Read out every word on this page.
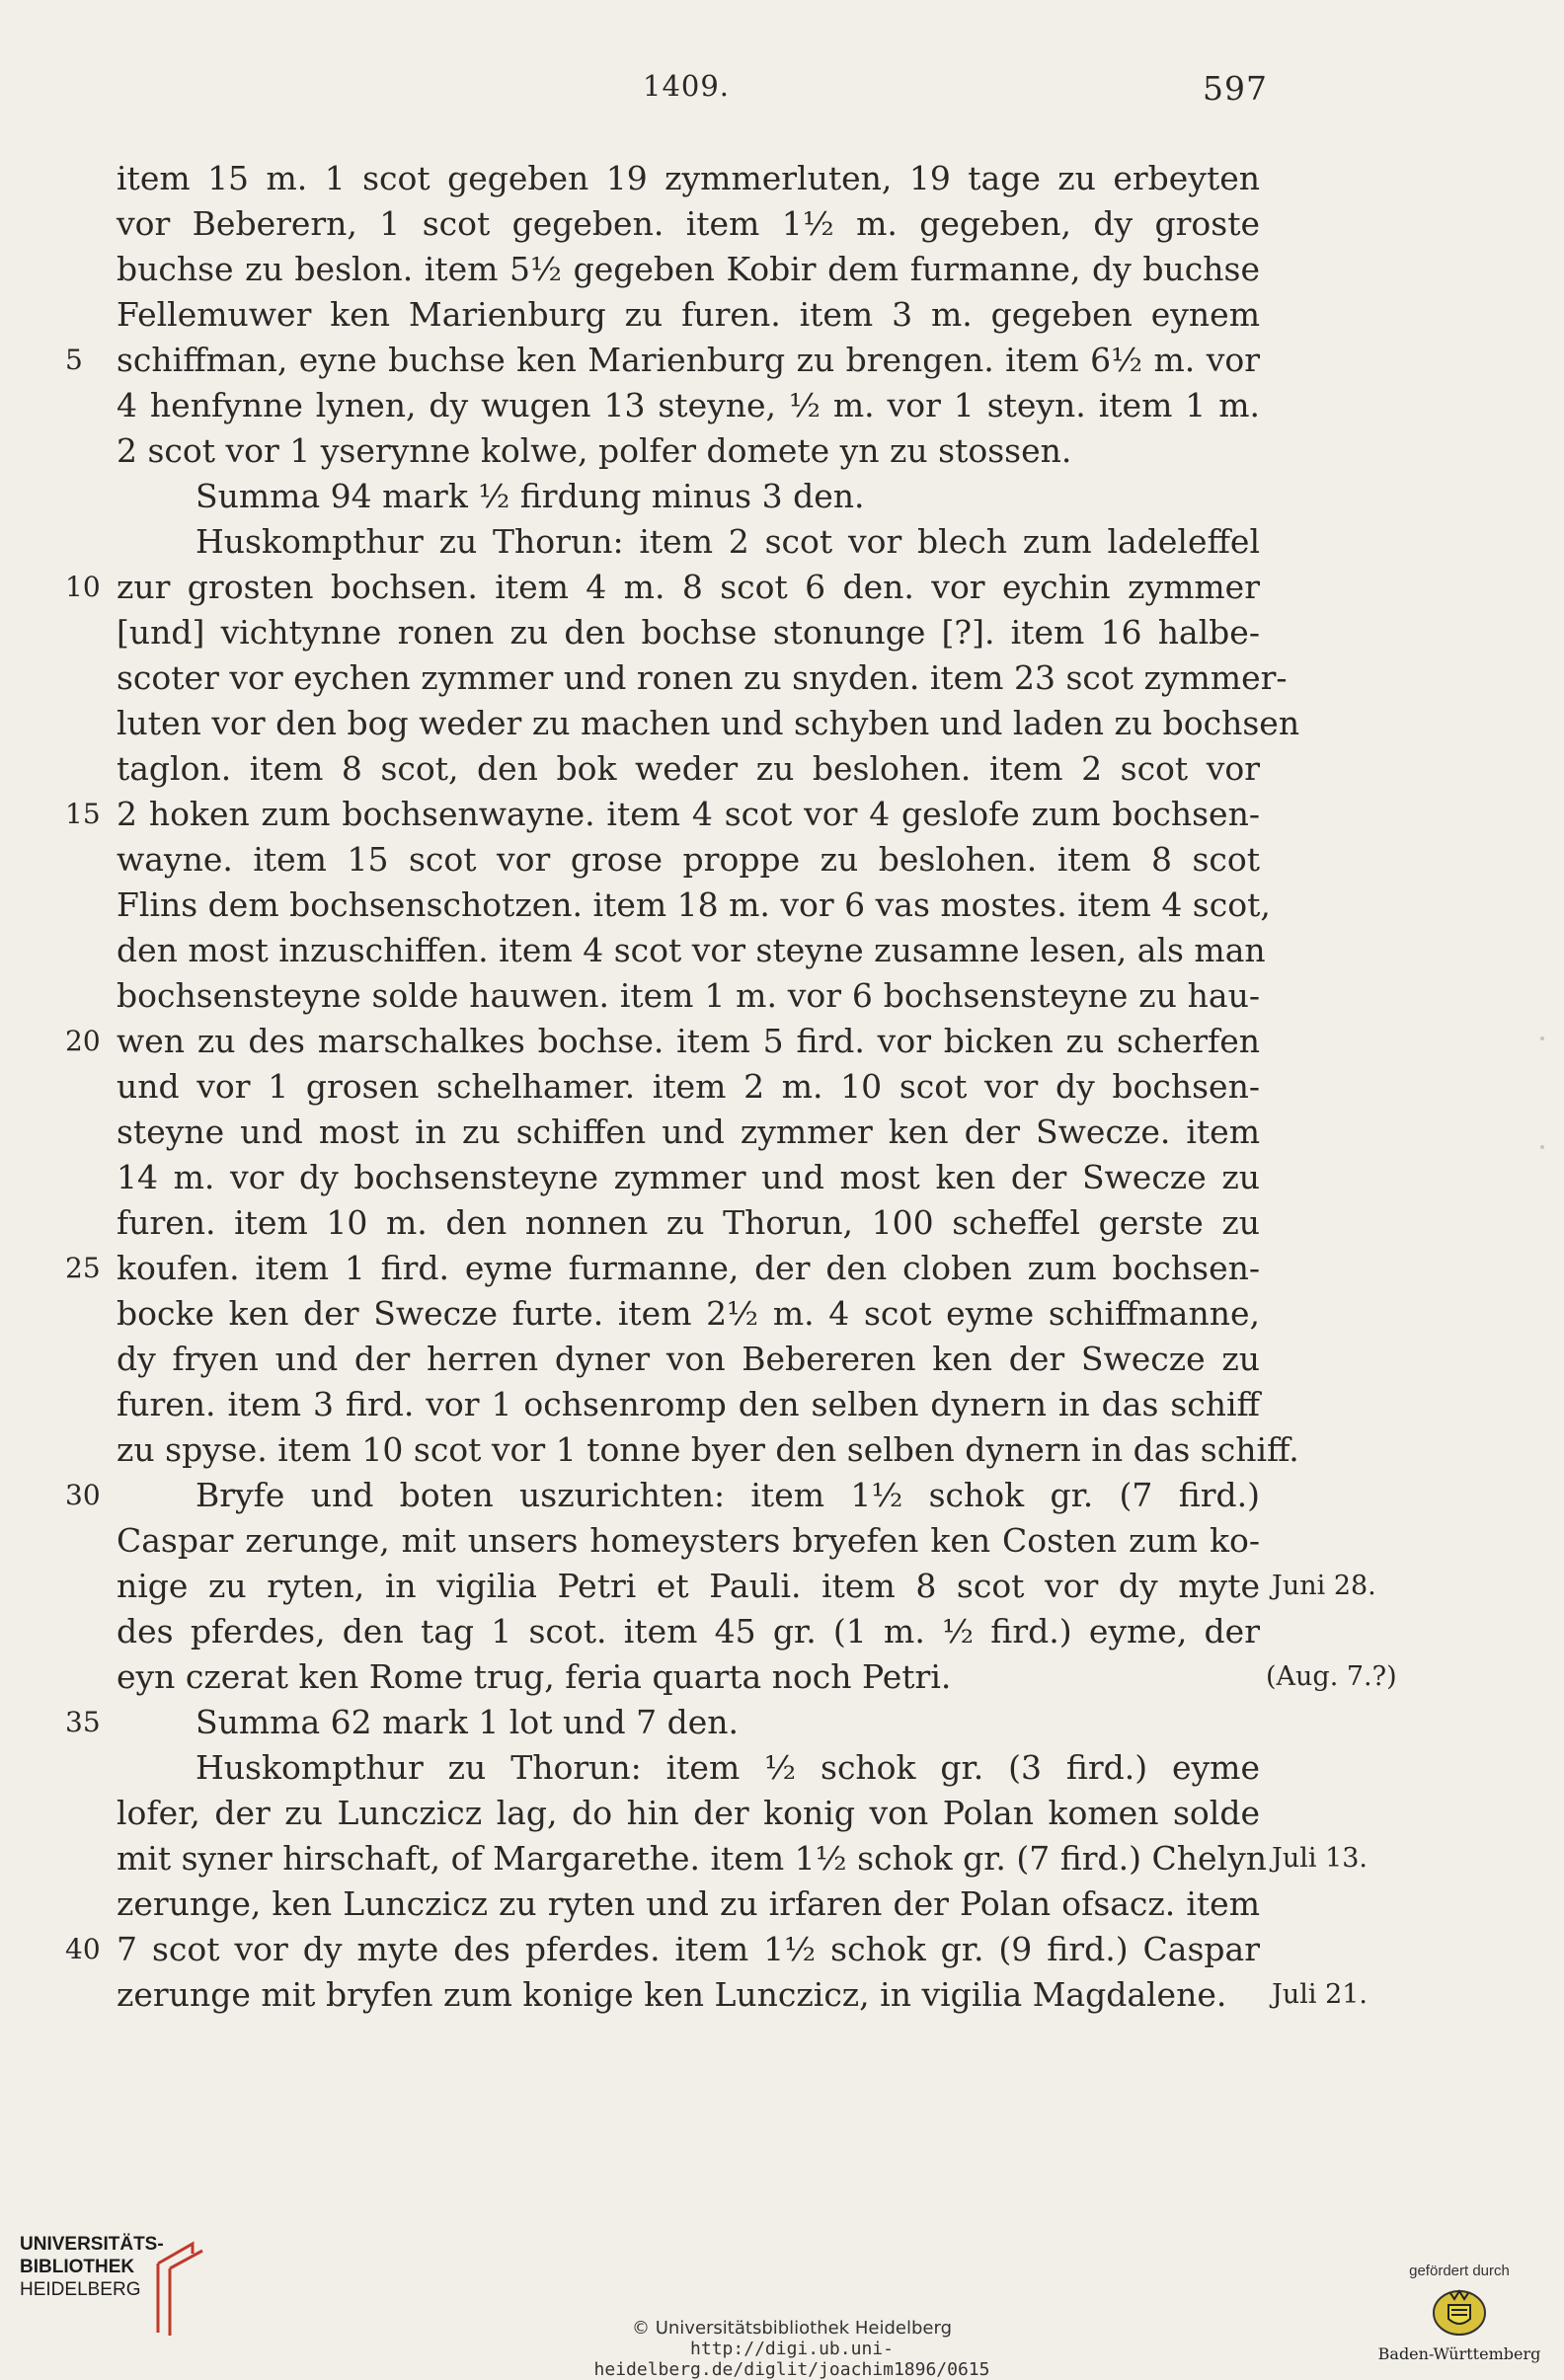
1409.	597
item 15 m. 1 scot gegeben 19 zymmerluten, 19 tage zu erbeyten
vor Beberern, 1 scot gegeben. item 1½ m. gegeben, dy groste
buchse zu beslon. item 5½ gegeben Kobir dem furmanne, dy buchse
Fellemuwer ken Marienburg zu furen. item 3 m. gegeben eynem
schiffman, eyne buchse ken Marienburg zu brengen. item 6½ m. vor
4 henfynne lynen, dy wugen 13 steyne, ½ m. vor 1 steyn. item 1 m.
2 scot vor 1 yserynne kolwe, polfer domete yn zu stossen.
Summa 94 mark ½ firdung minus 3 den.
Huskompthur zu Thorun: item 2 scot vor blech zum ladeleffel
zur grosten bochsen. item 4 m. 8 scot 6 den. vor eychin zymmer
[und] vichtynne ronen zu den bochse stonunge [?]. item 16 halbe-
scoter vor eychen zymmer und ronen zu snyden. item 23 scot zymmer-
luten vor den bog weder zu machen und schyben und laden zu bochsen
taglon. item 8 scot, den bok weder zu beslohen. item 2 scot vor
2 hoken zum bochsenwayne. item 4 scot vor 4 geslofe zum bochsen-
wayne. item 15 scot vor grose proppe zu beslohen. item 8 scot
Flins dem bochsenschotzen. item 18 m. vor 6 vas mostes. item 4 scot,
den most inzuschiffen. item 4 scot vor steyne zusamne lesen, als man
bochsensteyne solde hauwen. item 1 m. vor 6 bochsensteyne zu hau-
wen zu des marschalkes bochse. item 5 fird. vor bicken zu scherfen
und vor 1 grosen schelhamer. item 2 m. 10 scot vor dy bochsen-
steyne und most in zu schiffen und zymmer ken der Swecze. item
14 m. vor dy bochsensteyne zymmer und most ken der Swecze zu
furen. item 10 m. den nonnen zu Thorun, 100 scheffel gerste zu
koufen. item 1 fird. eyme furmanne, der den cloben zum bochsen-
bocke ken der Swecze furte. item 2½ m. 4 scot eyme schiffmanne,
dy fryen und der herren dyner von Bebereren ken der Swecze zu
furen. item 3 fird. vor 1 ochsenromp den selben dynern in das schiff
zu spyse. item 10 scot vor 1 tonne byer den selben dynern in das schiff.
Bryfe und boten uszurichten: item 1½ schok gr. (7 fird.)
Caspar zerunge, mit unsers homeysters bryefen ken Costen zum ko-
nige zu ryten, in vigilia Petri et Pauli. item 8 scot vor dy myte
des pferdes, den tag 1 scot. item 45 gr. (1 m. ½ fird.) eyme, der
eyn czerat ken Rome trug, feria quarta noch Petri.
Summa 62 mark 1 lot und 7 den.
Huskompthur zu Thorun: item ½ schok gr. (3 fird.) eyme
lofer, der zu Lunczicz lag, do hin der konig von Polan komen solde
mit syner hirschaft, of Margarethe. item 1½ schok gr. (7 fird.) Chelyn
zerunge, ken Lunczicz zu ryten und zu irfaren der Polan ofsacz. item
7 scot vor dy myte des pferdes. item 1½ schok gr. (9 fird.) Caspar
zerunge mit bryfen zum konige ken Lunczicz, in vigilia Magdalene.
5
10
15
20
25
30
35
40
Juni 28.
(Aug. 7.?)
Juli 13.
Juli 21.
UNIVERSITÄTS-
BIBLIOTHEK
HEIDELBERG
© Universitätsbibliothek Heidelberg
http://digi.ub.uni-heidelberg.de/diglit/joachim1896/0615
gefördert durch
Baden-Württemberg
